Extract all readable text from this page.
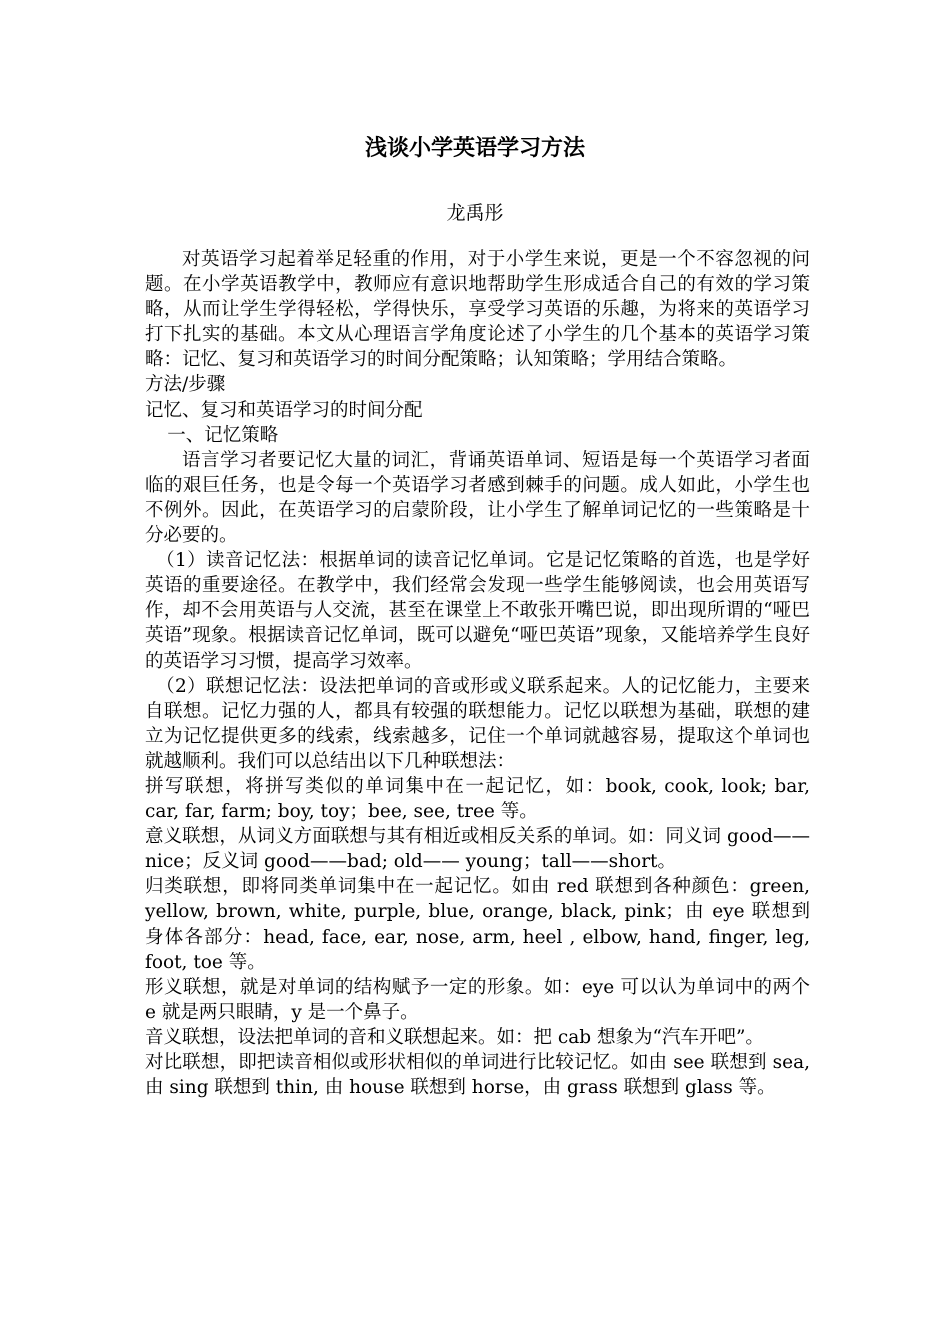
浅谈小学英语学习方法
龙禹彤

对英语学习起着举足轻重的作用，对于小学生来说，更是一个不容忽视的问题。在小学英语教学中，教师应有意识地帮助学生形成适合自己的有效的学习策略，从而让学生学得轻松，学得快乐，享受学习英语的乐趣，为将来的英语学习打下扎实的基础。本文从心理语言学角度论述了小学生的几个基本的英语学习策略：记忆、复习和英语学习的时间分配策略；认知策略；学用结合策略。

方法/步骤

记忆、复习和英语学习的时间分配

一、记忆策略

语言学习者要记忆大量的词汇，背诵英语单词、短语是每一个英语学习者面临的艰巨任务，也是令每一个英语学习者感到棘手的问题。成人如此，小学生也不例外。因此，在英语学习的启蒙阶段，让小学生了解单词记忆的一些策略是十分必要的。

（1）读音记忆法：根据单词的读音记忆单词。它是记忆策略的首选，也是学好英语的重要途径。在教学中，我们经常会发现一些学生能够阅读，也会用英语写作，却不会用英语与人交流，甚至在课堂上不敢张开嘴巴说，即出现所谓的“哑巴英语”现象。根据读音记忆单词，既可以避免“哑巴英语”现象，又能培养学生良好的英语学习习惯，提高学习效率。

（2）联想记忆法：设法把单词的音或形或义联系起来。人的记忆能力，主要来自联想。记忆力强的人，都具有较强的联想能力。记忆以联想为基础，联想的建立为记忆提供更多的线索，线索越多，记住一个单词就越容易，提取这个单词也就越顺利。我们可以总结出以下几种联想法：

拼写联想，将拼写类似的单词集中在一起记忆，如：book, cook, look; bar, car, far, farm; boy, toy；bee, see, tree 等。

意义联想，从词义方面联想与其有相近或相反关系的单词。如：同义词 good——nice；反义词 good——bad; old—— young；tall——short。

归类联想，即将同类单词集中在一起记忆。如由 red 联想到各种颜色：green, yellow, brown, white, purple, blue, orange, black, pink；由 eye 联想到身体各部分：head, face, ear, nose, arm, heel , elbow, hand, finger, leg, foot, toe 等。

形义联想，就是对单词的结构赋予一定的形象。如：eye 可以认为单词中的两个 e 就是两只眼睛，y 是一个鼻子。

音义联想，设法把单词的音和义联想起来。如：把 cab 想象为“汽车开吧”。

对比联想，即把读音相似或形状相似的单词进行比较记忆。如由 see 联想到 sea, 由 sing 联想到 thin, 由 house 联想到 horse，由 grass 联想到 glass 等。
